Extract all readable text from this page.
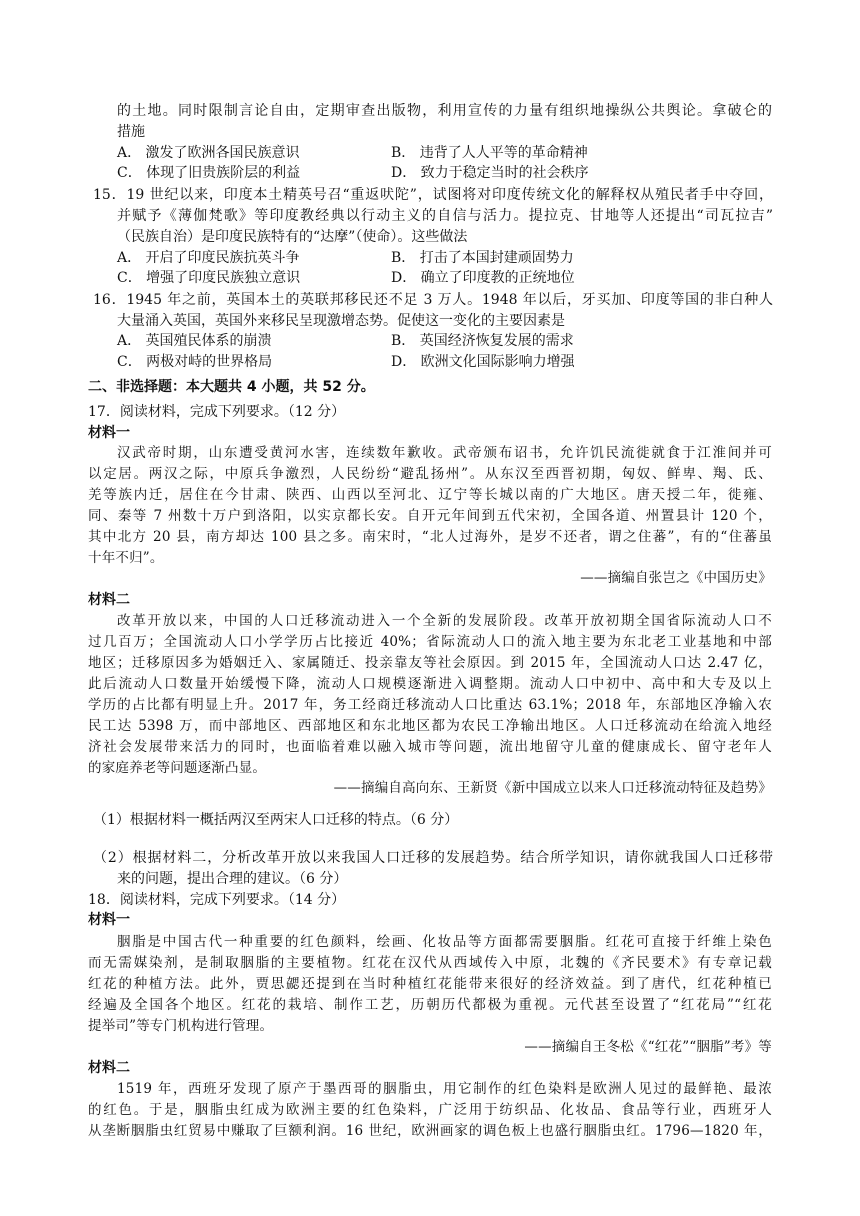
的土地。同时限制言论自由，定期审查出版物，利用宣传的力量有组织地操纵公共舆论。拿破仑的
措施
A． 激发了欧洲各国民族意识	B． 违背了人人平等的革命精神
C． 体现了旧贵族阶层的利益	D． 致力于稳定当时的社会秩序
15．19 世纪以来，印度本土精英号召“重返吠陀”，试图将对印度传统文化的解释权从殖民者手中夺回，
并赋予《薄伽梵歌》等印度教经典以行动主义的自信与活力。提拉克、甘地等人还提出“司瓦拉吉”
（民族自治）是印度民族特有的“达摩”（使命）。这些做法
A． 开启了印度民族抗英斗争	B． 打击了本国封建顽固势力
C． 增强了印度民族独立意识	D． 确立了印度教的正统地位
16．1945 年之前，英国本土的英联邦移民还不足 3 万人。1948 年以后，牙买加、印度等国的非白种人
大量涌入英国，英国外来移民呈现激增态势。促使这一变化的主要因素是
A． 英国殖民体系的崩溃	B． 英国经济恢复发展的需求
C． 两极对峙的世界格局	D． 欧洲文化国际影响力增强
二、非选择题：本大题共 4 小题，共 52 分。
17．阅读材料，完成下列要求。（12 分）
材料一
汉武帝时期，山东遭受黄河水害，连续数年歉收。武帝颁布诏书，允许饥民流徙就食于江淮间并可
以定居。两汉之际，中原兵争激烈，人民纷纷“避乱扬州”。从东汉至西晋初期，匈奴、鲜卑、羯、氐、
羌等族内迁，居住在今甘肃、陕西、山西以至河北、辽宁等长城以南的广大地区。唐天授二年，徙雍、
同、秦等 7 州数十万户到洛阳，以实京都长安。自开元年间到五代宋初，全国各道、州置县计 120 个，
其中北方 20 县，南方却达 100 县之多。南宋时，“北人过海外，是岁不还者，谓之住蕃”，有的“住蕃虽
十年不归”。
——摘编自张岂之《中国历史》
材料二
改革开放以来，中国的人口迁移流动进入一个全新的发展阶段。改革开放初期全国省际流动人口不
过几百万；全国流动人口小学学历占比接近 40%；省际流动人口的流入地主要为东北老工业基地和中部
地区；迁移原因多为婚姻迁入、家属随迁、投亲靠友等社会原因。到 2015 年，全国流动人口达 2.47 亿，
此后流动人口数量开始缓慢下降，流动人口规模逐渐进入调整期。流动人口中初中、高中和大专及以上
学历的占比都有明显上升。2017 年，务工经商迁移流动人口比重达 63.1%；2018 年，东部地区净输入农
民工达 5398 万，而中部地区、西部地区和东北地区都为农民工净输出地区。人口迁移流动在给流入地经
济社会发展带来活力的同时，也面临着难以融入城市等问题，流出地留守儿童的健康成长、留守老年人
的家庭养老等问题逐渐凸显。
——摘编自高向东、王新贤《新中国成立以来人口迁移流动特征及趋势》
（1）根据材料一概括两汉至两宋人口迁移的特点。（6 分）
（2）根据材料二，分析改革开放以来我国人口迁移的发展趋势。结合所学知识，请你就我国人口迁移带
来的问题，提出合理的建议。（6 分）
18．阅读材料，完成下列要求。（14 分）
材料一
胭脂是中国古代一种重要的红色颜料，绘画、化妆品等方面都需要胭脂。红花可直接于纤维上染色
而无需媒染剂，是制取胭脂的主要植物。红花在汉代从西域传入中原，北魏的《齐民要术》有专章记载
红花的种植方法。此外，贾思勰还提到在当时种植红花能带来很好的经济效益。到了唐代，红花种植已
经遍及全国各个地区。红花的栽培、制作工艺，历朝历代都极为重视。元代甚至设置了“红花局”“红花
提举司”等专门机构进行管理。
——摘编自王冬松《“红花”“胭脂”考》等
材料二
1519 年，西班牙发现了原产于墨西哥的胭脂虫，用它制作的红色染料是欧洲人见过的最鲜艳、最浓
的红色。于是，胭脂虫红成为欧洲主要的红色染料，广泛用于纺织品、化妆品、食品等行业，西班牙人
从垄断胭脂虫红贸易中赚取了巨额利润。16 世纪，欧洲画家的调色板上也盛行胭脂虫红。1796—1820 年，
